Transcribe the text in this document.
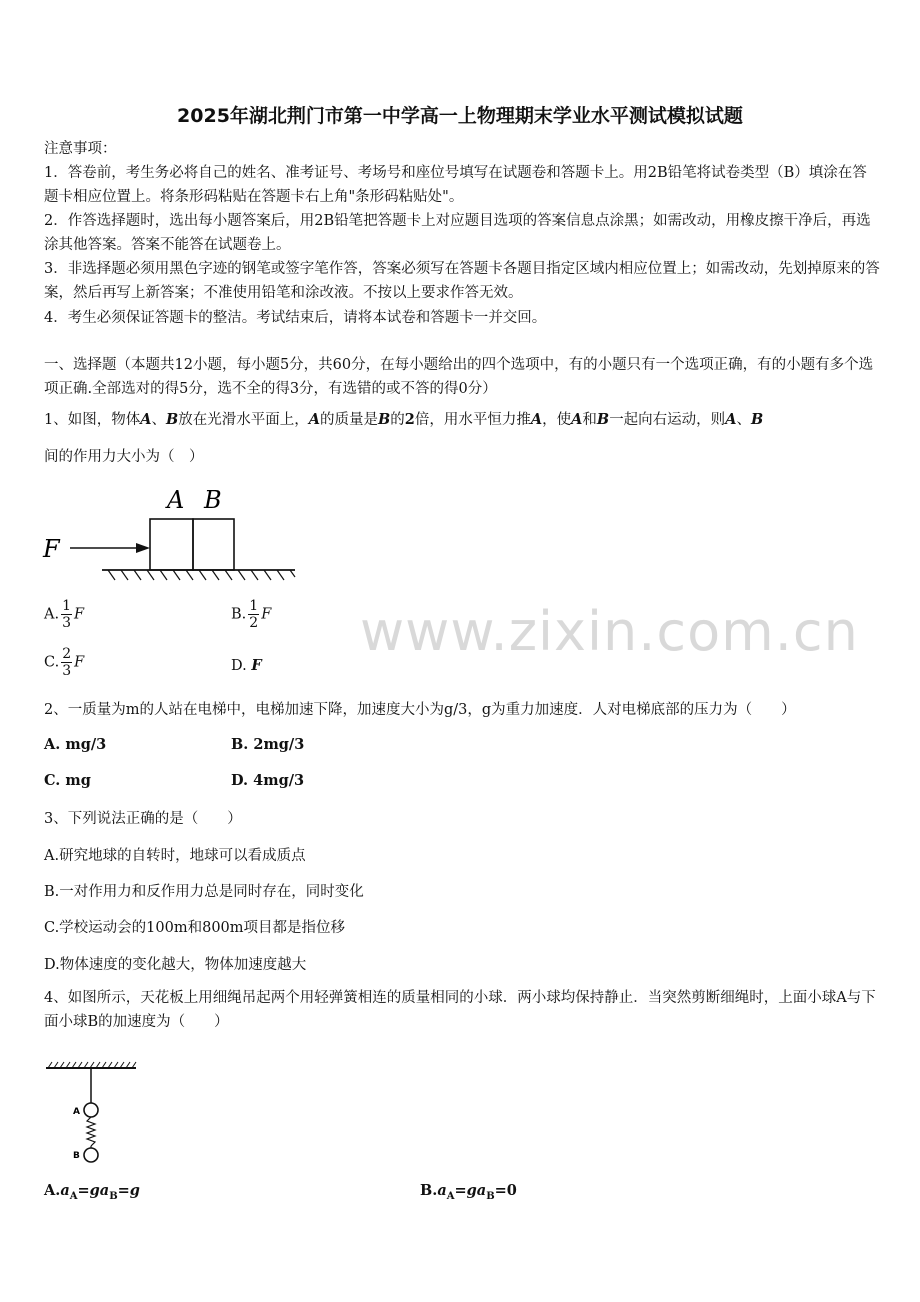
2025年湖北荆门市第一中学高一上物理期末学业水平测试模拟试题
注意事项：
1．答卷前，考生务必将自己的姓名、准考证号、考场号和座位号填写在试题卷和答题卡上。用2B铅笔将试卷类型（B）填涂在答题卡相应位置上。将条形码粘贴在答题卡右上角"条形码粘贴处"。
2．作答选择题时，选出每小题答案后，用2B铅笔把答题卡上对应题目选项的答案信息点涂黑；如需改动，用橡皮擦干净后，再选涂其他答案。答案不能答在试题卷上。
3．非选择题必须用黑色字迹的钢笔或签字笔作答，答案必须写在答题卡各题目指定区域内相应位置上；如需改动，先划掉原来的答案，然后再写上新答案；不准使用铅笔和涂改液。不按以上要求作答无效。
4．考生必须保证答题卡的整洁。考试结束后，请将本试卷和答题卡一并交回。
一、选择题（本题共12小题，每小题5分，共60分，在每小题给出的四个选项中，有的小题只有一个选项正确，有的小题有多个选项正确.全部选对的得5分，选不全的得3分，有选错的或不答的得0分）
1、如图，物体A、B放在光滑水平面上，A的质量是B的2倍，用水平恒力推A，使A和B一起向右运动，则A、B
间的作用力大小为（　）
A B
F
A. $\frac{1}{3}$ F	B. $\frac{1}{2}$ F
C. $\frac{2}{3}$ F	D. F
2、一质量为m的人站在电梯中，电梯加速下降，加速度大小为g/3，g为重力加速度．人对电梯底部的压力为（　　）
A. mg/3	B. 2mg/3
C. mg	D. 4mg/3
3、下列说法正确的是（　　）
A.研究地球的自转时，地球可以看成质点
B.一对作用力和反作用力总是同时存在，同时变化
C.学校运动会的100m和800m项目都是指位移
D.物体速度的变化越大，物体加速度越大
4、如图所示，天花板上用细绳吊起两个用轻弹簧相连的质量相同的小球．两小球均保持静止．当突然剪断细绳时，上面小球A与下面小球B的加速度为（　　）
A
B
$A.a_A=ga_B=g$	$B.a_A=ga_B=0$
www.zixin.com.cn
